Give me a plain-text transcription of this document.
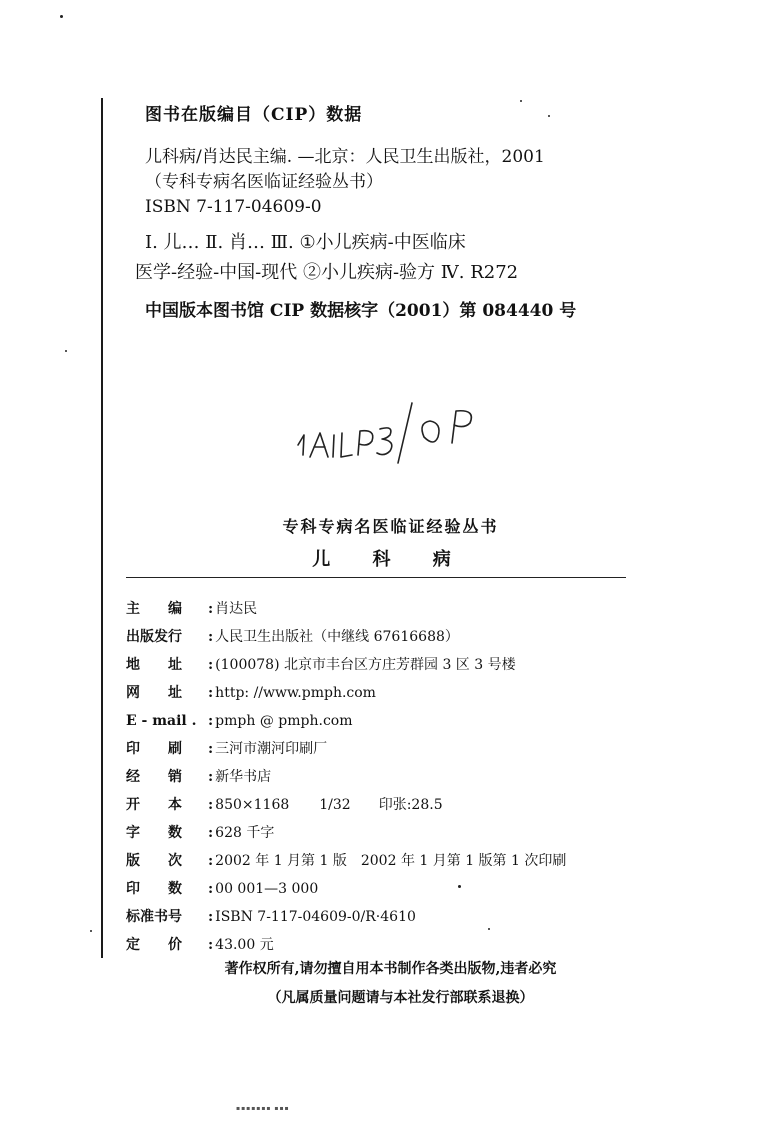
图书在版编目（CIP）数据
儿科病/肖达民主编. —北京：人民卫生出版社，2001
（专科专病名医临证经验丛书）
ISBN 7-117-04609-0
Ⅰ. 儿… Ⅱ. 肖… Ⅲ. ①小儿疾病-中医临床
医学-经验-中国-现代 ②小儿疾病-验方 Ⅳ. R272
中国版本图书馆 CIP 数据核字（2001）第 084440 号
专科专病名医临证经验丛书
儿 科 病
主　　编	: 肖达民
出版发行	: 人民卫生出版社（中继线 67616688）
地　　址	: (100078) 北京市丰台区方庄芳群园 3 区 3 号楼
网　　址	: http: //www.pmph.com
E - mail . : pmph @ pmph.com
印　　刷	: 三河市潮河印刷厂
经　　销	: 新华书店
开　　本	: 850×1168 1/32 印张:28.5
字　　数	: 628 千字
版　　次	: 2002 年 1 月第 1 版　2002 年 1 月第 1 版第 1 次印刷
印　　数	: 00 001—3 000
标准书号	: ISBN 7-117-04609-0/R·4610
定　　价	: 43.00 元
著作权所有,请勿擅自用本书制作各类出版物,违者必究
（凡属质量问题请与本社发行部联系退换）
▪▪▪▪▪▪▪ ▪▪▪
